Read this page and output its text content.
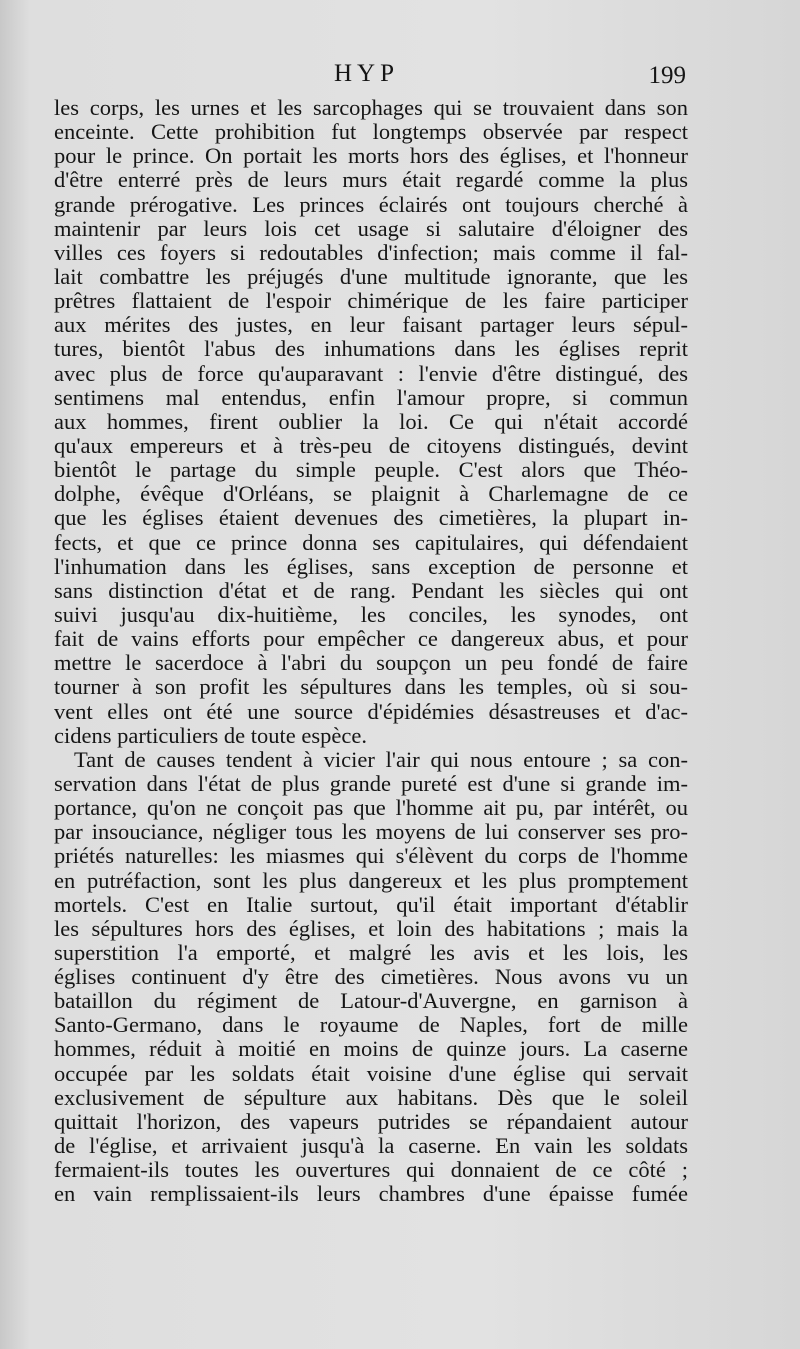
HYP	199
les corps, les urnes et les sarcophages qui se trouvaient dans son
enceinte. Cette prohibition fut longtemps observée par respect
pour le prince. On portait les morts hors des églises, et l'honneur
d'être enterré près de leurs murs était regardé comme la plus
grande prérogative. Les princes éclairés ont toujours cherché à
maintenir par leurs lois cet usage si salutaire d'éloigner des
villes ces foyers si redoutables d'infection; mais comme il fal-
lait combattre les préjugés d'une multitude ignorante, que les
prêtres flattaient de l'espoir chimérique de les faire participer
aux mérites des justes, en leur faisant partager leurs sépul-
tures, bientôt l'abus des inhumations dans les églises reprit
avec plus de force qu'auparavant : l'envie d'être distingué, des
sentimens mal entendus, enfin l'amour propre, si commun
aux hommes, firent oublier la loi. Ce qui n'était accordé
qu'aux empereurs et à très-peu de citoyens distingués, devint
bientôt le partage du simple peuple. C'est alors que Théo-
dolphe, évêque d'Orléans, se plaignit à Charlemagne de ce
que les églises étaient devenues des cimetières, la plupart in-
fects, et que ce prince donna ses capitulaires, qui défendaient
l'inhumation dans les églises, sans exception de personne et
sans distinction d'état et de rang. Pendant les siècles qui ont
suivi jusqu'au dix-huitième, les conciles, les synodes, ont
fait de vains efforts pour empêcher ce dangereux abus, et pour
mettre le sacerdoce à l'abri du soupçon un peu fondé de faire
tourner à son profit les sépultures dans les temples, où si sou-
vent elles ont été une source d'épidémies désastreuses et d'ac-
cidens particuliers de toute espèce.
Tant de causes tendent à vicier l'air qui nous entoure ; sa con-
servation dans l'état de plus grande pureté est d'une si grande im-
portance, qu'on ne conçoit pas que l'homme ait pu, par intérêt, ou
par insouciance, négliger tous les moyens de lui conserver ses pro-
priétés naturelles: les miasmes qui s'élèvent du corps de l'homme
en putréfaction, sont les plus dangereux et les plus promptement
mortels. C'est en Italie surtout, qu'il était important d'établir
les sépultures hors des églises, et loin des habitations ; mais la
superstition l'a emporté, et malgré les avis et les lois, les
églises continuent d'y être des cimetières. Nous avons vu un
bataillon du régiment de Latour-d'Auvergne, en garnison à
Santo-Germano, dans le royaume de Naples, fort de mille
hommes, réduit à moitié en moins de quinze jours. La caserne
occupée par les soldats était voisine d'une église qui servait
exclusivement de sépulture aux habitans. Dès que le soleil
quittait l'horizon, des vapeurs putrides se répandaient autour
de l'église, et arrivaient jusqu'à la caserne. En vain les soldats
fermaient-ils toutes les ouvertures qui donnaient de ce côté ;
en vain remplissaient-ils leurs chambres d'une épaisse fumée
